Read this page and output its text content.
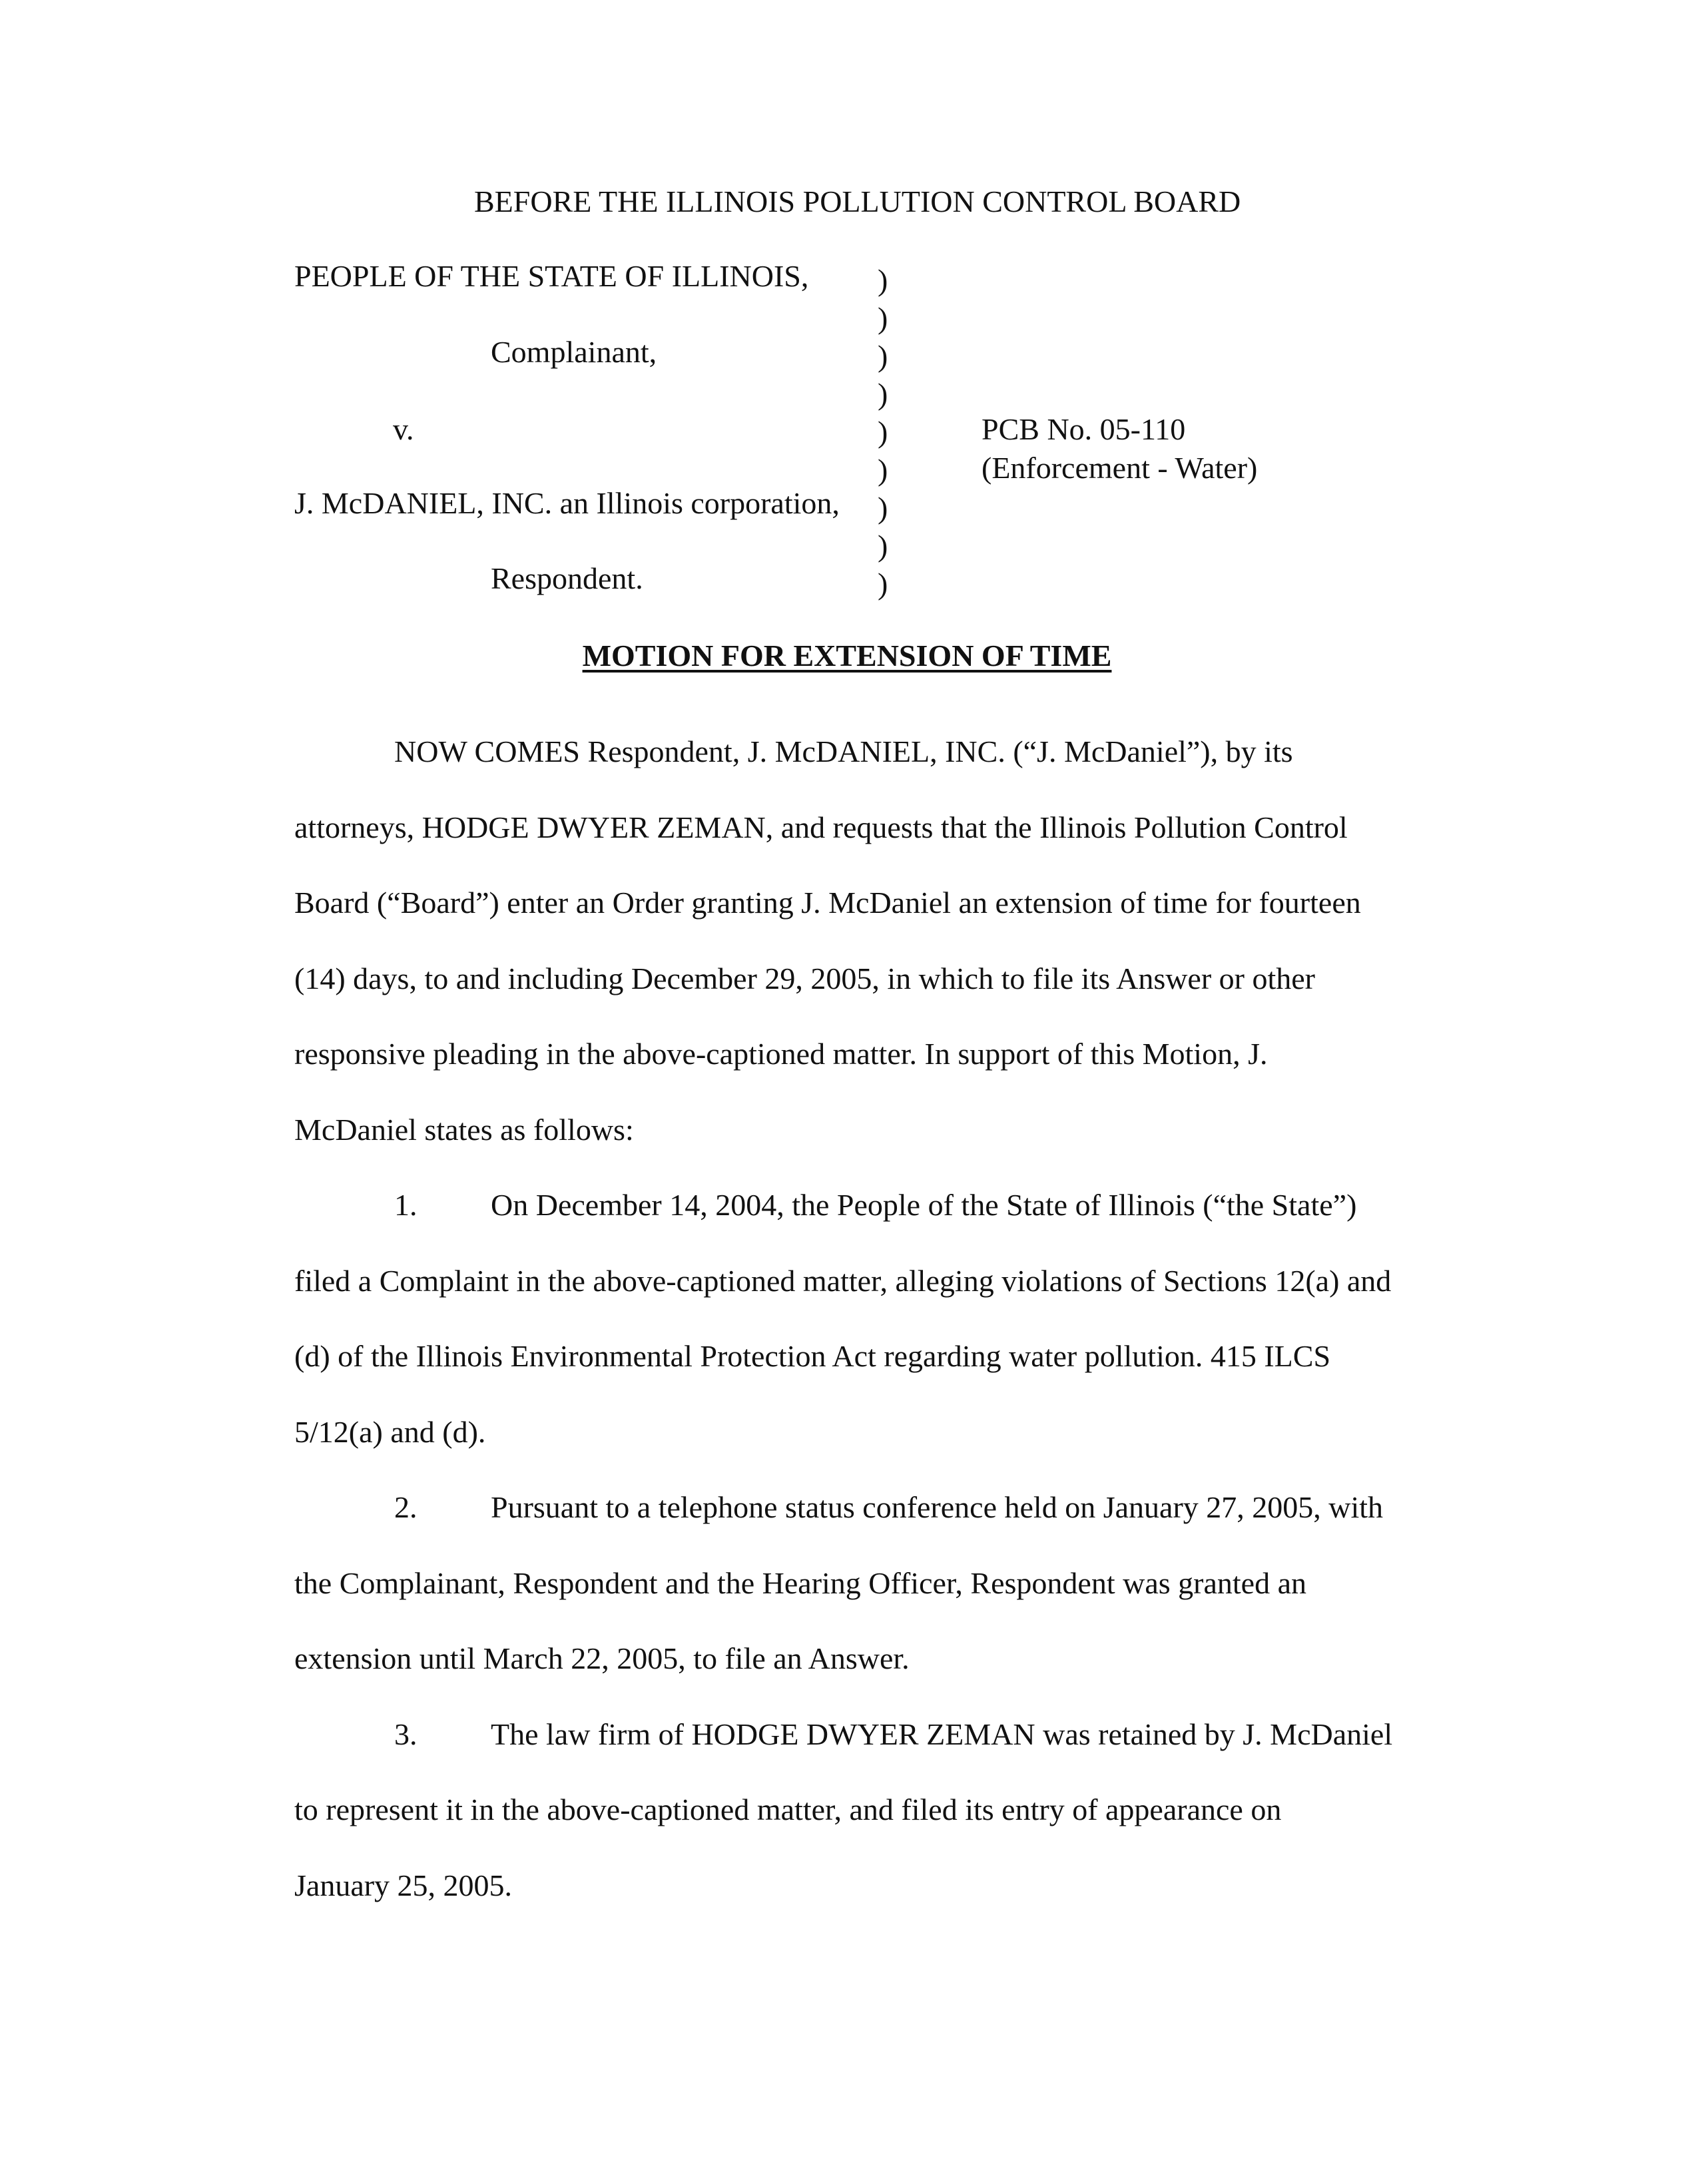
BEFORE THE ILLINOIS POLLUTION CONTROL BOARD
PEOPLE OF THE STATE OF ILLINOIS,
Complainant,
v.
J. McDANIEL, INC. an Illinois corporation,
Respondent.
)
)
)
)
)
)
)
)
)
PCB No. 05-110
(Enforcement - Water)
MOTION FOR EXTENSION OF TIME

NOW COMES Respondent, J. McDANIEL, INC. (“J. McDaniel”), by its
attorneys, HODGE DWYER ZEMAN, and requests that the Illinois Pollution Control
Board (“Board”) enter an Order granting J. McDaniel an extension of time for fourteen
(14) days, to and including December 29, 2005, in which to file its Answer or other
responsive pleading in the above-captioned matter. In support of this Motion, J.
McDaniel states as follows:

1. On December 14, 2004, the People of the State of Illinois (“the State”)
filed a Complaint in the above-captioned matter, alleging violations of Sections 12(a) and
(d) of the Illinois Environmental Protection Act regarding water pollution. 415 ILCS
5/12(a) and (d).

2. Pursuant to a telephone status conference held on January 27, 2005, with
the Complainant, Respondent and the Hearing Officer, Respondent was granted an
extension until March 22, 2005, to file an Answer.

3. The law firm of HODGE DWYER ZEMAN was retained by J. McDaniel
to represent it in the above-captioned matter, and filed its entry of appearance on
January 25, 2005.
